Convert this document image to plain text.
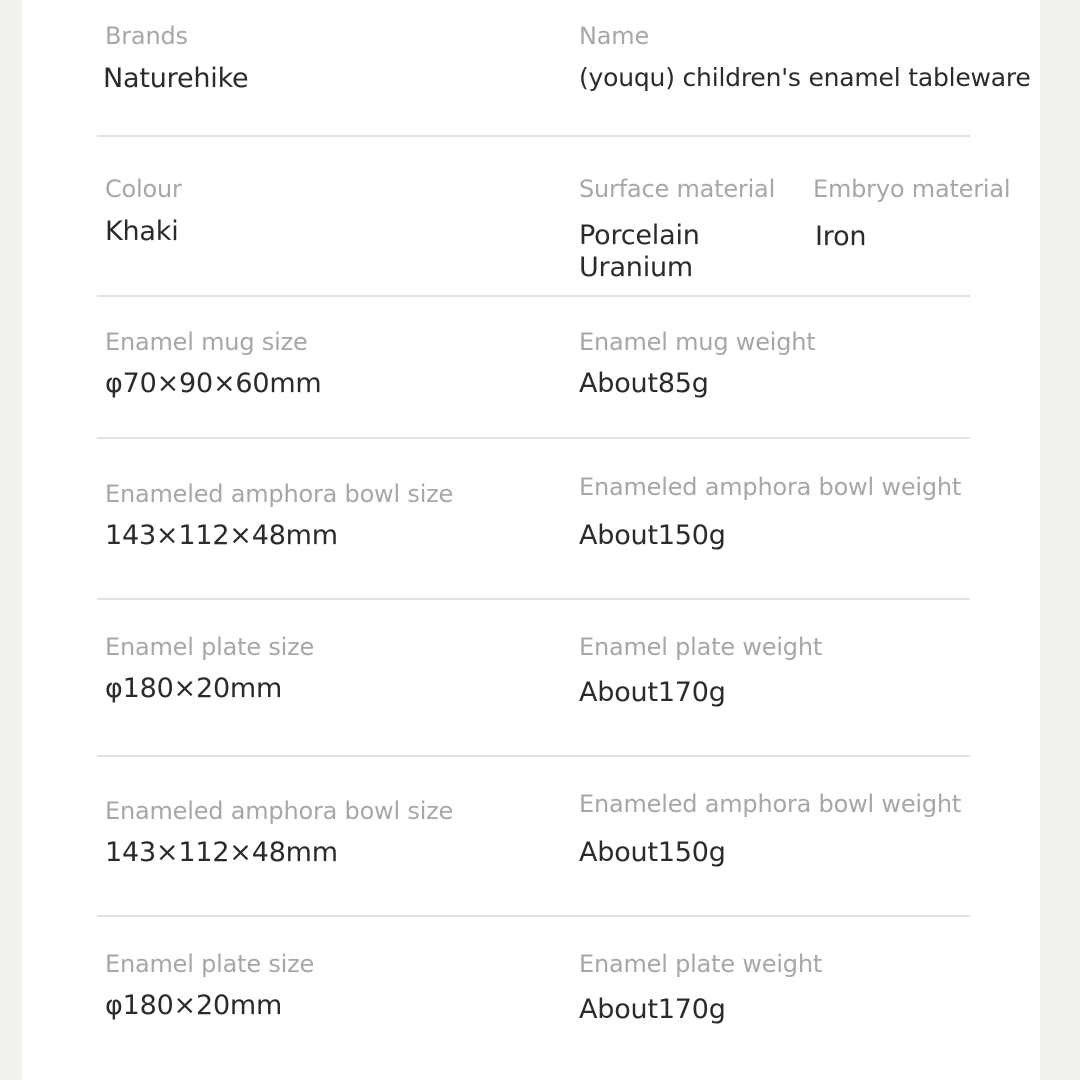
Brands
Naturehike
Name
(youqu) children's enamel tableware
Colour
Khaki
Surface material
Porcelain
Uranium
Embryo material
Iron
Enamel mug size
φ70×90×60mm
Enamel mug weight
About85g
Enameled amphora bowl size
143×112×48mm
Enameled amphora bowl weight
About150g
Enamel plate size
φ180×20mm
Enamel plate weight
About170g
Enameled amphora bowl size
143×112×48mm
Enameled amphora bowl weight
About150g
Enamel plate size
φ180×20mm
Enamel plate weight
About170g
